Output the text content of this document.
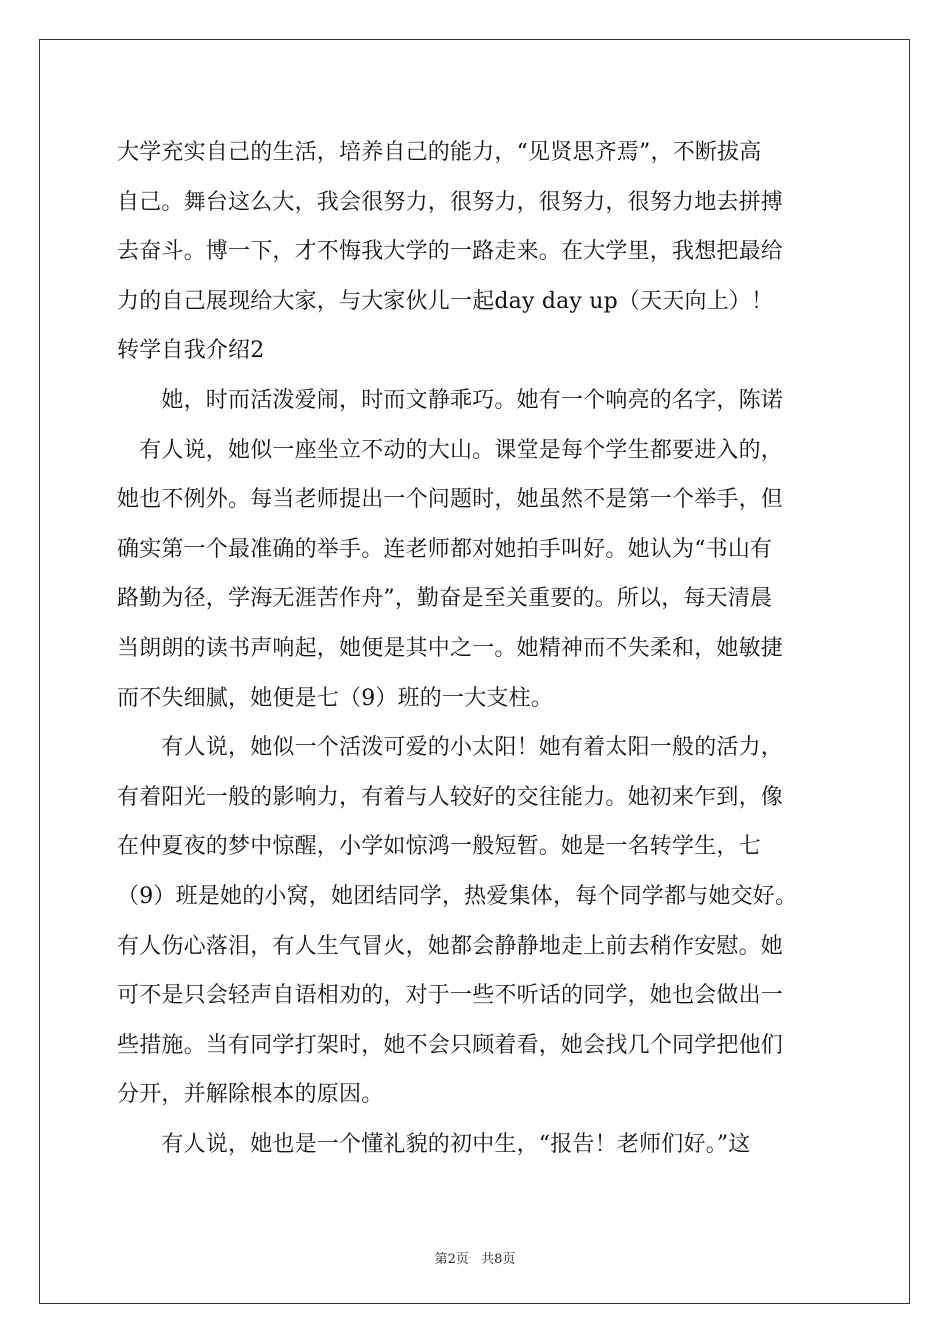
大学充实自己的生活，培养自己的能力，“见贤思齐焉”，不断拔高
自己。舞台这么大，我会很努力，很努力，很努力，很努力地去拼搏
去奋斗。博一下，才不悔我大学的一路走来。在大学里，我想把最给
力的自己展现给大家，与大家伙儿一起day day up（天天向上）！
转学自我介绍2
　　她，时而活泼爱闹，时而文静乖巧。她有一个响亮的名字，陈诺
　有人说，她似一座坐立不动的大山。课堂是每个学生都要进入的，
她也不例外。每当老师提出一个问题时，她虽然不是第一个举手，但
确实第一个最准确的举手。连老师都对她拍手叫好。她认为“书山有
路勤为径，学海无涯苦作舟”，勤奋是至关重要的。所以，每天清晨
当朗朗的读书声响起，她便是其中之一。她精神而不失柔和，她敏捷
而不失细腻，她便是七（9）班的一大支柱。
　　有人说，她似一个活泼可爱的小太阳！她有着太阳一般的活力，
有着阳光一般的影响力，有着与人较好的交往能力。她初来乍到，像
在仲夏夜的梦中惊醒，小学如惊鸿一般短暂。她是一名转学生，七
（9）班是她的小窝，她团结同学，热爱集体，每个同学都与她交好。
有人伤心落泪，有人生气冒火，她都会静静地走上前去稍作安慰。她
可不是只会轻声自语相劝的，对于一些不听话的同学，她也会做出一
些措施。当有同学打架时，她不会只顾着看，她会找几个同学把他们
分开，并解除根本的原因。
　　有人说，她也是一个懂礼貌的初中生，“报告！老师们好。”这
第2页 共8页
